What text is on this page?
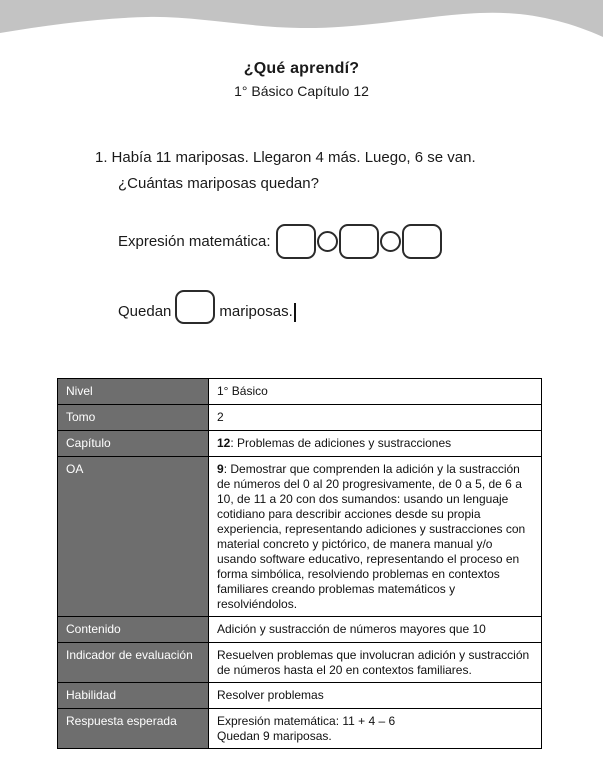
¿Qué aprendí?
1° Básico Capítulo 12
1. Había 11 mariposas. Llegaron 4 más. Luego, 6 se van.
¿Cuántas mariposas quedan?
Expresión matemática:
Quedan	mariposas.
Nivel	1° Básico
Tomo	2
Capítulo	12: Problemas de adiciones y sustracciones
OA	9: Demostrar que comprenden la adición y la sustracción de números del 0 al 20 progresivamente, de 0 a 5, de 6 a 10, de 11 a 20 con dos sumandos: usando un lenguaje cotidiano para describir acciones desde su propia experiencia, representando adiciones y sustracciones con material concreto y pictórico, de manera manual y/o usando software educativo, representando el proceso en forma simbólica, resolviendo problemas en contextos familiares creando problemas matemáticos y resolviéndolos.
Contenido	Adición y sustracción de números mayores que 10
Indicador de evaluación	Resuelven problemas que involucran adición y sustracción de números hasta el 20 en contextos familiares.
Habilidad	Resolver problemas
Respuesta esperada	Expresión matemática: 11 + 4 – 6
Quedan 9 mariposas.
